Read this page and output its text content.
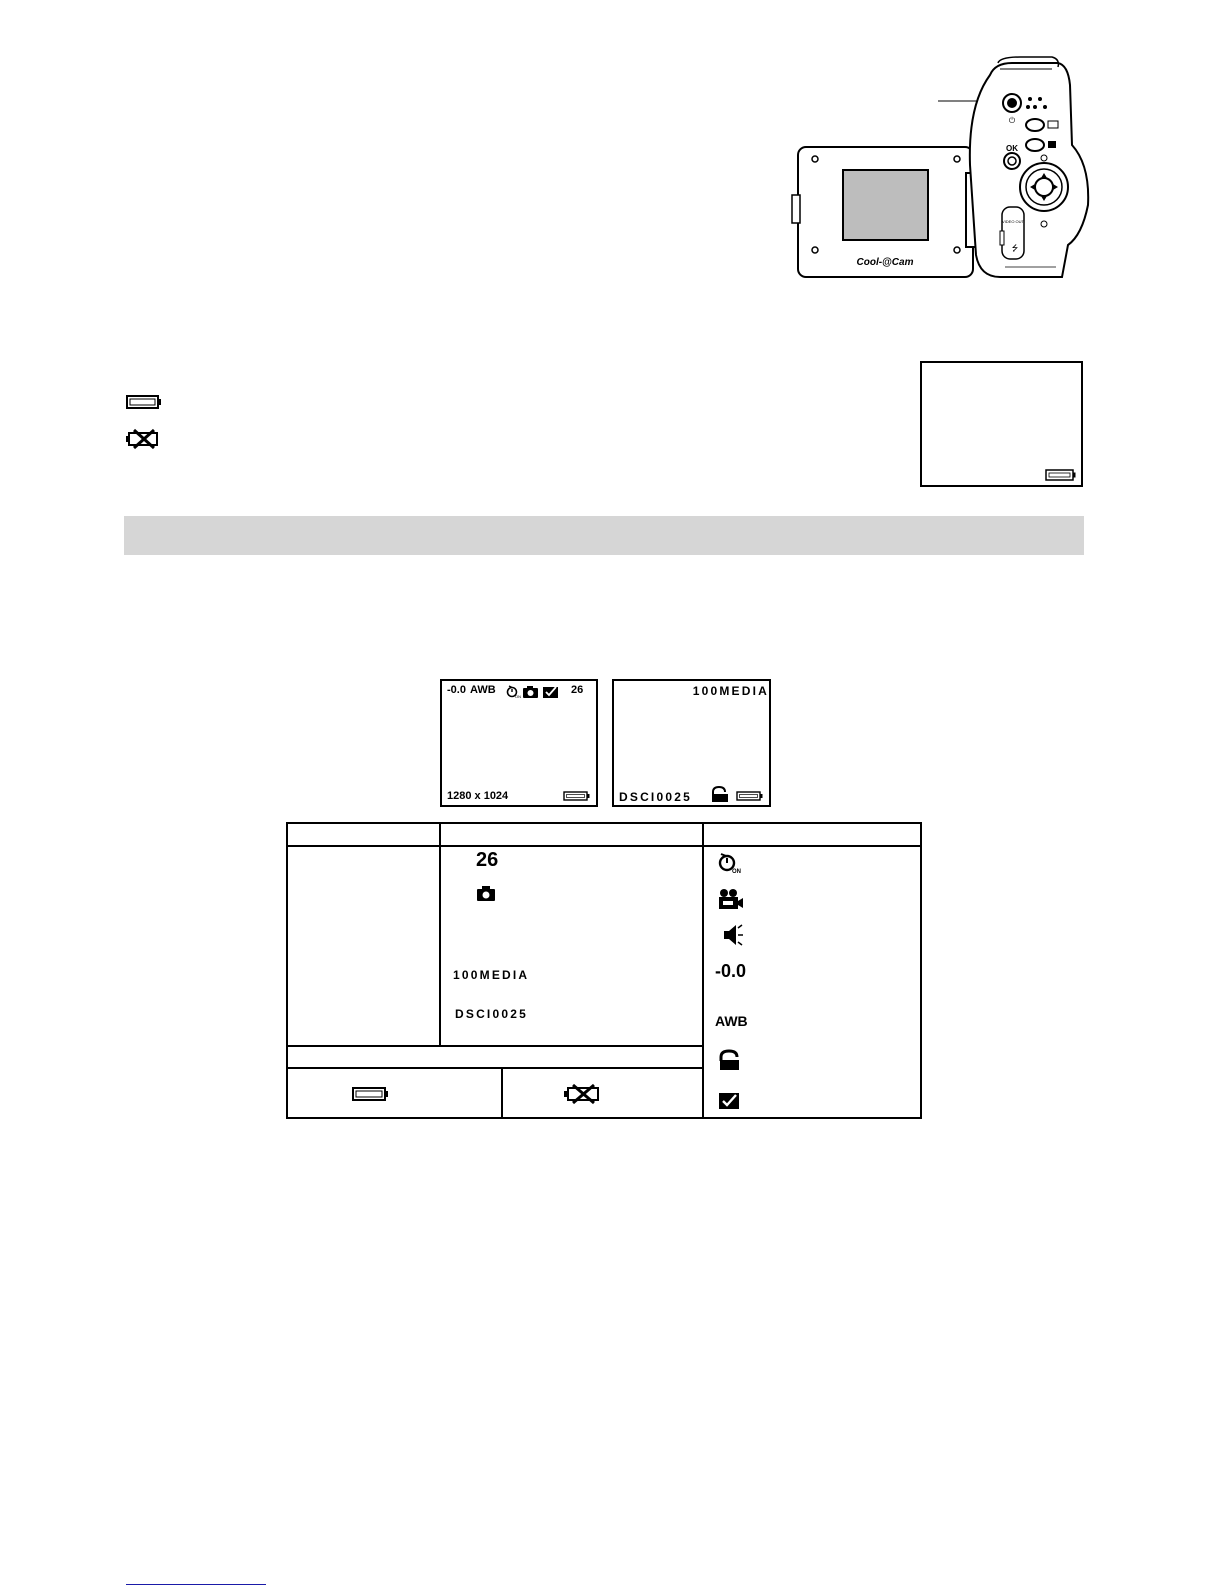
Cool-@Cam
⏻
OK
VIDEO OUT
⭍
-0.0 AWB
ON
26
1280 x 1024
100MEDIA
DSCI0025
26
100MEDIA
DSCI0025
ON
-0.0
AWB
